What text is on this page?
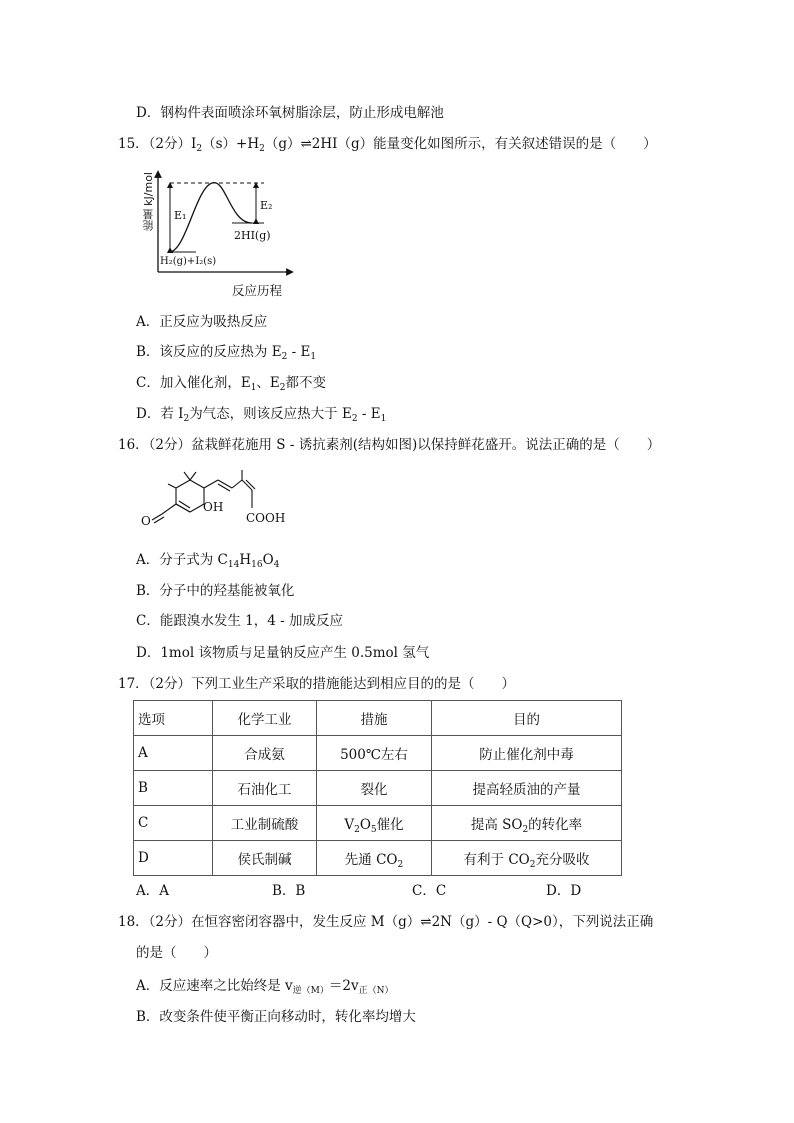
D．钢构件表面喷涂环氧树脂涂层，防止形成电解池
15．（2分）$I_2(s)+H_2(g)\rightleftharpoons 2HI(g)$能量变化如图所示，有关叙述错误的是（　　）
能量 kJ/mol E₁
E₂
2HI(g)
H₂(g)+I₂(s)
反应历程
A．正反应为吸热反应
B．该反应的反应热为 $E_2 - E_1$
C．加入催化剂，$E_1$、$E_2$都不变
D．若 $I_2$为气态，则该反应热大于 $E_2 - E_1$
16．（2分）盆栽鲜花施用 S - 诱抗素剂(结构如图)以保持鲜花盛开。说法正确的是（　　）
O
OH
COOH
A．分子式为 $C_{14}H_{16}O_4$
B．分子中的羟基能被氧化
C．能跟溴水发生 1，4 - 加成反应
D．1mol 该物质与足量钠反应产生 0.5mol 氢气
17．（2分）下列工业生产采取的措施能达到相应目的的是（　　）
选项	化学工业	措施	目的
A	合成氨	500℃左右	防止催化剂中毒
B	石油化工	裂化	提高轻质油的产量
C	工业制硫酸	$V_2O_5$催化	提高 $SO_2$的转化率
D	侯氏制碱	先通 $CO_2$	有利于 $CO_2$充分吸收
A．A	B．B	C．C	D．D
18．（2分）在恒容密闭容器中，发生反应 M（g）⇌2N（g）- Q（Q>0），下列说法正确
的是（　　）
A．反应速率之比始终是 $v_{逆(M)}=2v_{正(N)}$
B．改变条件使平衡正向移动时，转化率均增大
